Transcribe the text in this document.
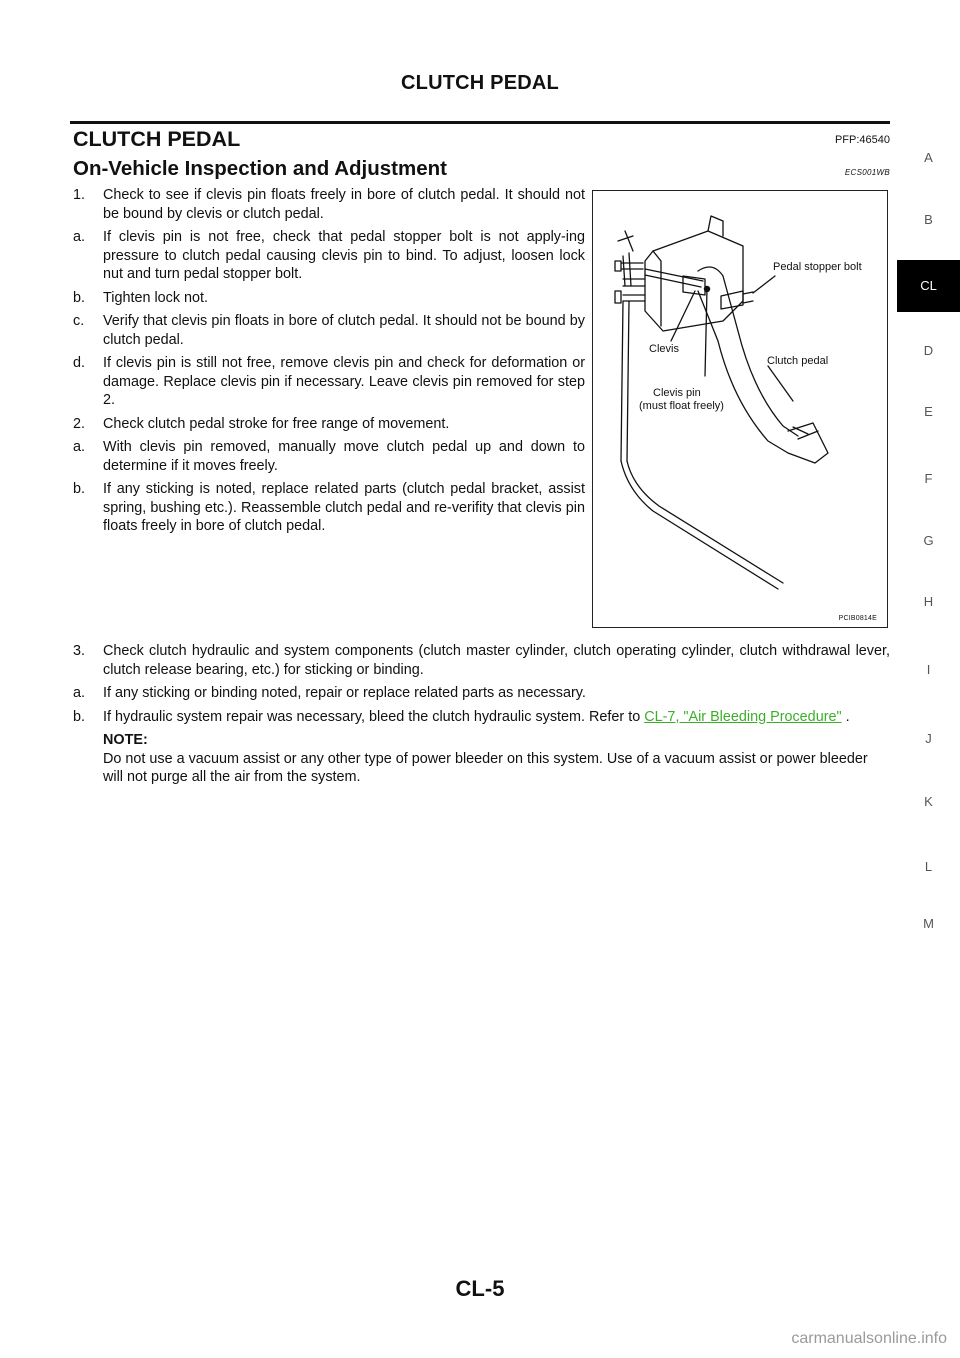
CLUTCH PEDAL
CLUTCH PEDAL	PFP:46540
On-Vehicle Inspection and Adjustment	ECS001WB
1.	Check to see if clevis pin floats freely in bore of clutch pedal. It should not be bound by clevis or clutch pedal.
a.	If clevis pin is not free, check that pedal stopper bolt is not apply-ing pressure to clutch pedal causing clevis pin to bind. To adjust, loosen lock nut and turn pedal stopper bolt.
b.	Tighten lock not.
c.	Verify that clevis pin floats in bore of clutch pedal. It should not be bound by clutch pedal.
d.	If clevis pin is still not free, remove clevis pin and check for deformation or damage. Replace clevis pin if necessary. Leave clevis pin removed for step 2.
2.	Check clutch pedal stroke for free range of movement.
a.	With clevis pin removed, manually move clutch pedal up and down to determine if it moves freely.
b.	If any sticking is noted, replace related parts (clutch pedal bracket, assist spring, bushing etc.). Reassemble clutch pedal and re-verifity that clevis pin floats freely in bore of clutch pedal.
Pedal stopper bolt
Clevis
Clutch pedal
Clevis pin
(must float freely)
PCIB0814E
3.	Check clutch hydraulic and system components (clutch master cylinder, clutch operating cylinder, clutch withdrawal lever, clutch release bearing, etc.) for sticking or binding.
a.	If any sticking or binding noted, repair or replace related parts as necessary.
b.	If hydraulic system repair was necessary, bleed the clutch hydraulic system. Refer to CL-7, "Air Bleeding Procedure" .
NOTE:
Do not use a vacuum assist or any other type of power bleeder on this system. Use of a vacuum assist or power bleeder will not purge all the air from the system.
A
B
CL
D
E
F
G
H
I
J
K
L
M
CL-5
carmanualsonline.info
